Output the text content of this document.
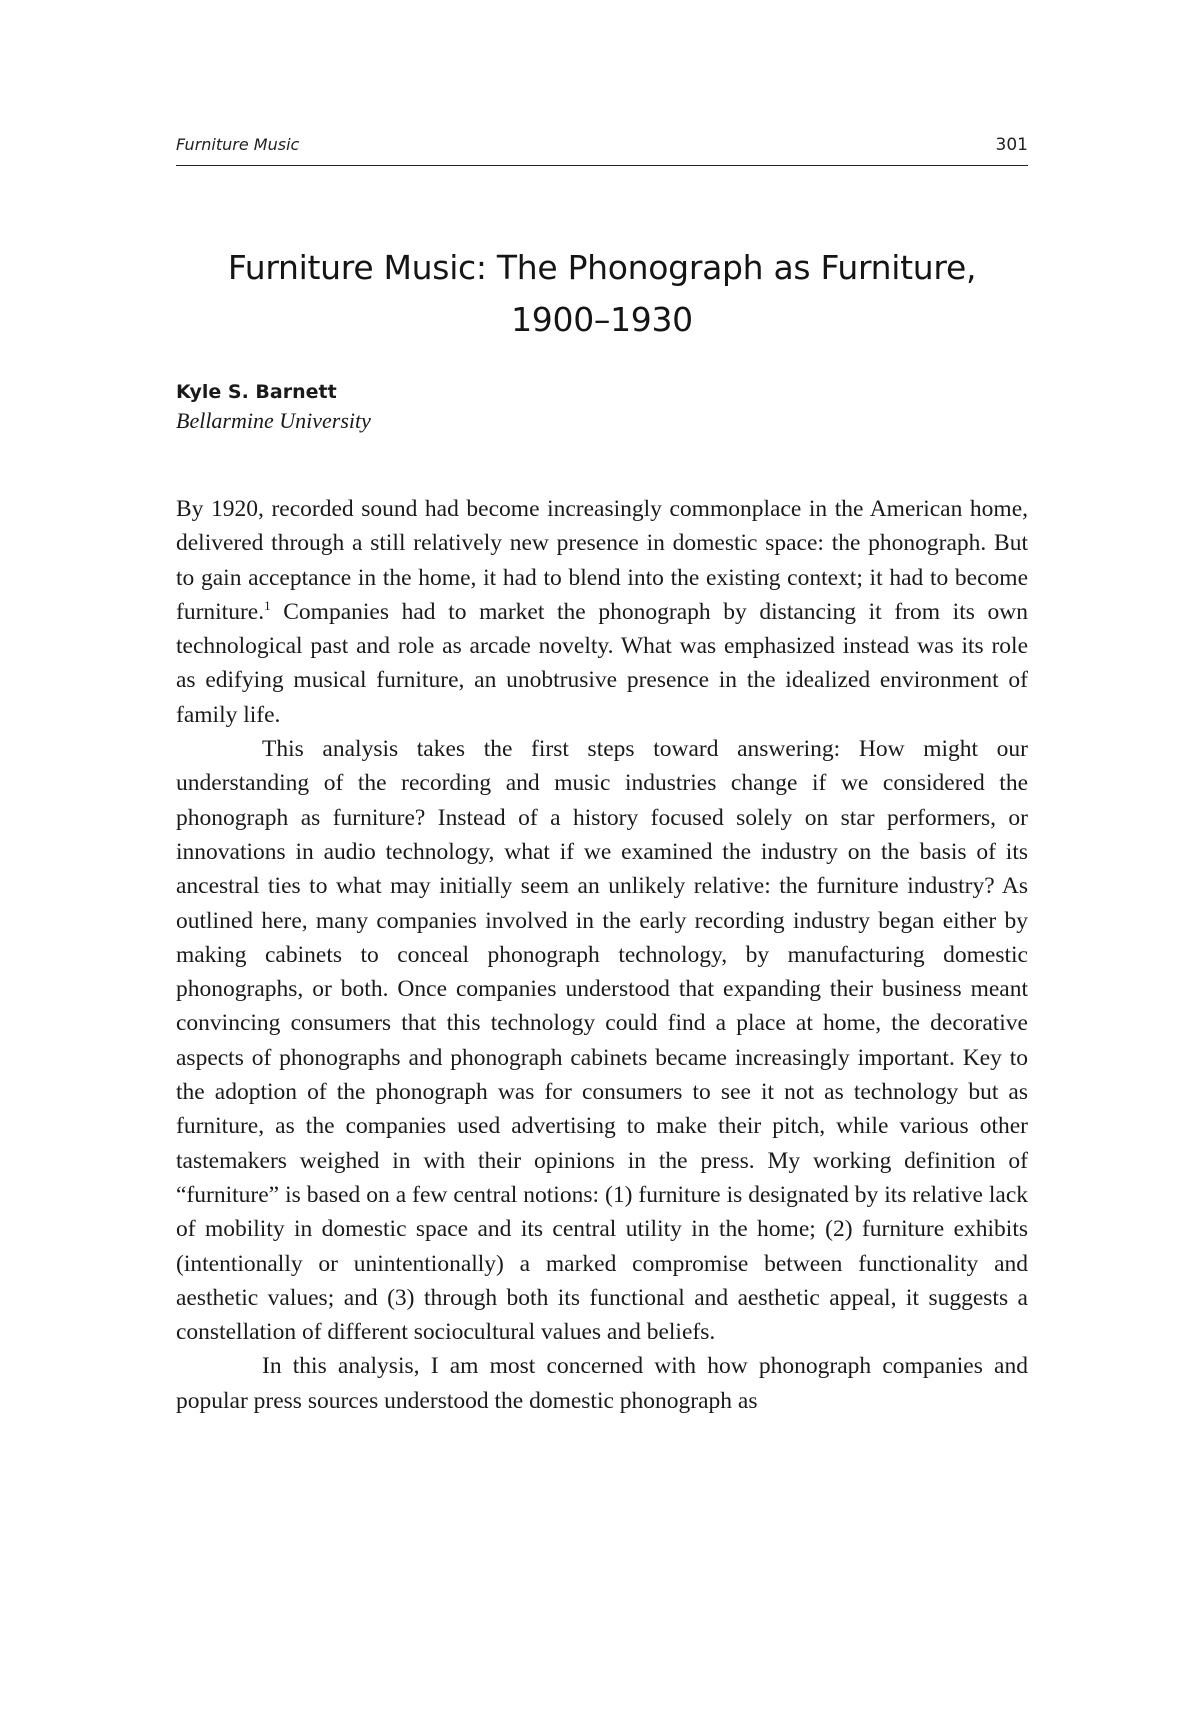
Furniture Music	301
Furniture Music: The Phonograph as Furniture,
1900–1930
Kyle S. Barnett
Bellarmine University

By 1920, recorded sound had become increasingly commonplace in the American home, delivered through a still relatively new presence in domestic space: the phonograph. But to gain acceptance in the home, it had to blend into the existing context; it had to become furniture.$^1$ Companies had to market the phonograph by distancing it from its own technological past and role as arcade novelty. What was emphasized instead was its role as edifying musical furniture, an unobtrusive presence in the idealized environment of family life.

This analysis takes the first steps toward answering: How might our understanding of the recording and music industries change if we considered the phonograph as furniture? Instead of a history focused solely on star performers, or innovations in audio technology, what if we examined the industry on the basis of its ancestral ties to what may initially seem an unlikely relative: the furniture industry? As outlined here, many companies involved in the early recording industry began either by making cabinets to conceal phonograph technology, by manufacturing domestic phonographs, or both. Once companies understood that expanding their business meant convincing consumers that this technology could find a place at home, the decorative aspects of phonographs and phonograph cabinets became increasingly important. Key to the adoption of the phonograph was for consumers to see it not as technology but as furniture, as the companies used advertising to make their pitch, while various other tastemakers weighed in with their opinions in the press. My working definition of “furniture” is based on a few central notions: (1) furniture is designated by its relative lack of mobility in domestic space and its central utility in the home; (2) furniture exhibits (intentionally or unintentionally) a marked compromise between functionality and aesthetic values; and (3) through both its functional and aesthetic appeal, it suggests a constellation of different sociocultural values and beliefs.

In this analysis, I am most concerned with how phonograph companies and popular press sources understood the domestic phonograph as
